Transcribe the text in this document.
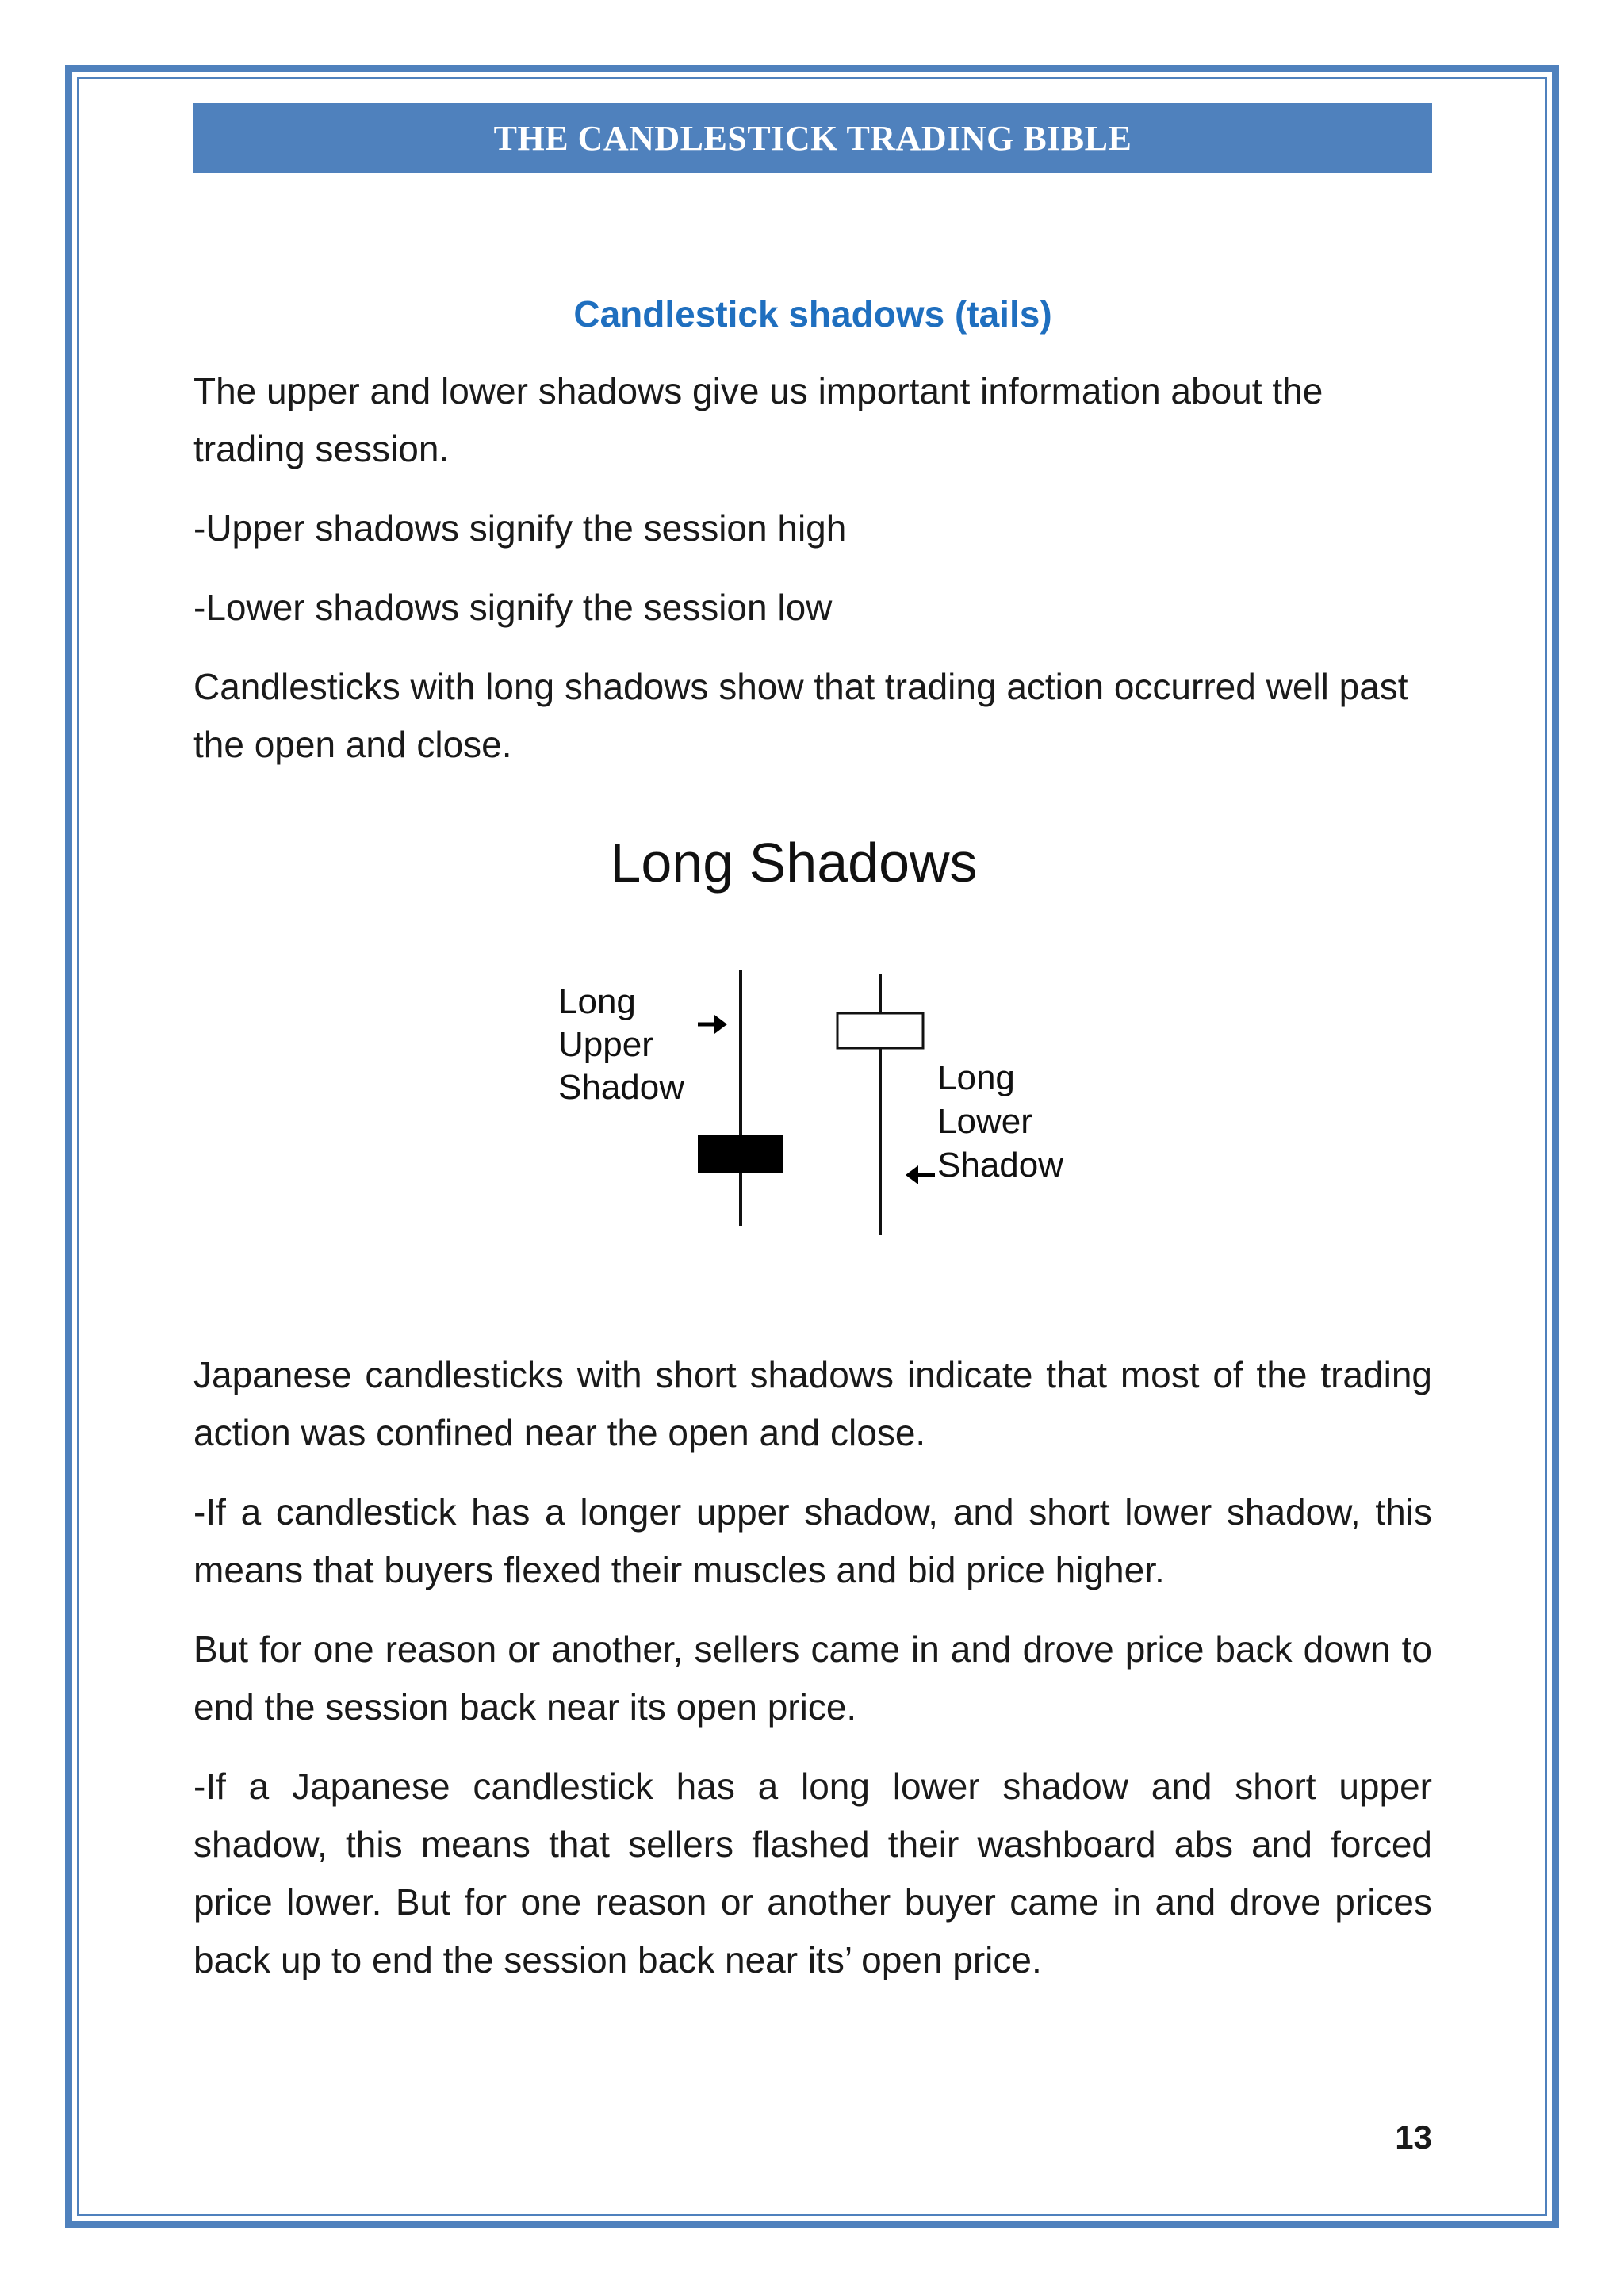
THE CANDLESTICK TRADING BIBLE
Candlestick shadows (tails)

The upper and lower shadows give us important information about the trading session.

-Upper shadows signify the session high

-Lower shadows signify the session low

Candlesticks with long shadows show that trading action occurred well past the open and close.

Long Shadows
Long
Upper
Shadow	Long
Lower
Shadow

Japanese candlesticks with short shadows indicate that most of the trading action was confined near the open and close.

-If a candlestick has a longer upper shadow, and short lower shadow, this means that buyers flexed their muscles and bid price higher.

But for one reason or another, sellers came in and drove price back down to end the session back near its open price.

-If a Japanese candlestick has a long lower shadow and short upper shadow, this means that sellers flashed their washboard abs and forced price lower. But for one reason or another buyer came in and drove prices back up to end the session back near its’ open price.

13
